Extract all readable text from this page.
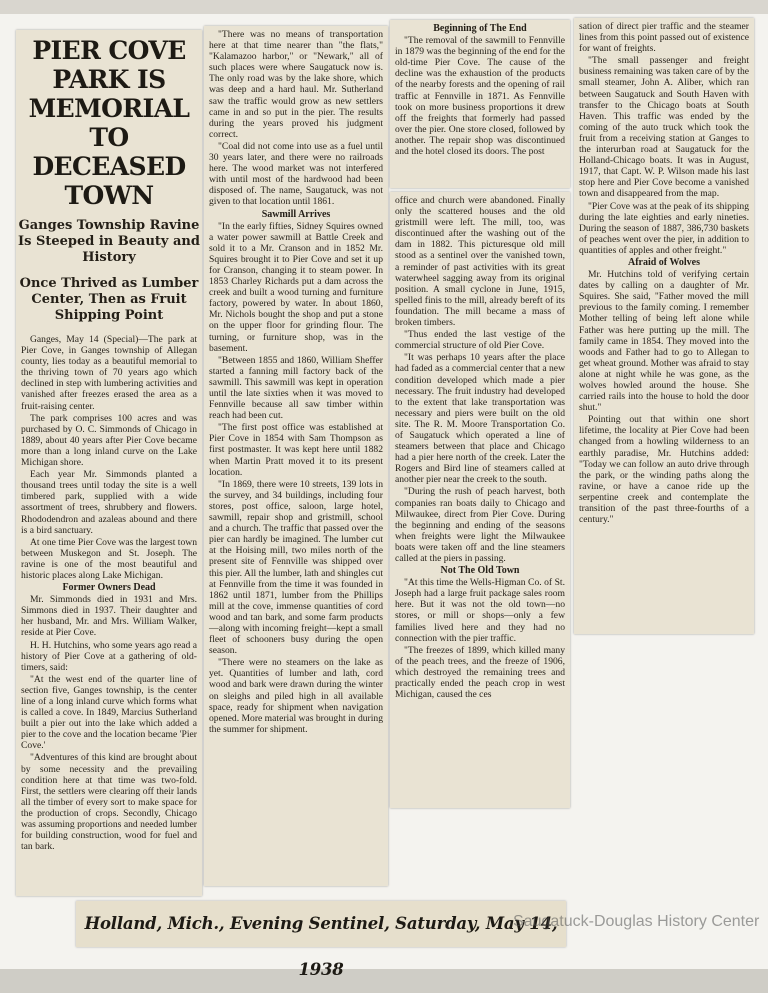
PIER COVE PARK IS MEMORIAL TO DECEASED TOWN
Ganges Township Ravine Is Steeped in Beauty and History
Once Thrived as Lumber Center, Then as Fruit Shipping Point

Ganges, May 14 (Special)—The park at Pier Cove, in Ganges township of Allegan county, lies today as a beautiful memorial to the thriving town of 70 years ago which declined in step with lumbering activities and vanished after freezes erased the area as a fruit-raising center.

The park comprises 100 acres and was purchased by O. C. Simmonds of Chicago in 1889, about 40 years after Pier Cove became more than a long inland curve on the Lake Michigan shore.

Each year Mr. Simmonds planted a thousand trees until today the site is a well timbered park, supplied with a wide assortment of trees, shrubbery and flowers. Rhododendron and azaleas abound and there is a bird sanctuary.

At one time Pier Cove was the largest town between Muskegon and St. Joseph. The ravine is one of the most beautiful and historic places along Lake Michigan.

Former Owners Dead

Mr. Simmonds died in 1931 and Mrs. Simmons died in 1937. Their daughter and her husband, Mr. and Mrs. William Walker, reside at Pier Cove.

H. H. Hutchins, who some years ago read a history of Pier Cove at a gathering of old-timers, said:

"At the west end of the quarter line of section five, Ganges township, is the center line of a long inland curve which forms what is called a cove. In 1849, Marcius Sutherland built a pier out into the lake which added a pier to the cove and the location became 'Pier Cove.'

"Adventures of this kind are brought about by some necessity and the prevailing condition here at that time was two-fold. First, the settlers were clearing off their lands all the timber of every sort to make space for the production of crops. Secondly, Chicago was assuming proportions and needed lumber for building construction, wood for fuel and tan bark.

"There was no means of transportation here at that time nearer than "the flats," "Kalamazoo harbor," or "Newark," all of such places were where Saugatuck now is. The only road was by the lake shore, which was deep and a hard haul. Mr. Sutherland saw the traffic would grow as new settlers came in and so put in the pier. The results during the years proved his judgment correct.

"Coal did not come into use as a fuel until 30 years later, and there were no railroads here. The wood market was not interfered with until most of the hardwood had been disposed of. The name, Saugatuck, was not given to that location until 1861.

Sawmill Arrives

"In the early fifties, Sidney Squires owned a water power sawmill at Battle Creek and sold it to a Mr. Cranson and in 1852 Mr. Squires brought it to Pier Cove and set it up for Cranson, changing it to steam power. In 1853 Charley Richards put a dam across the creek and built a wood turning and furniture factory, powered by water. In about 1860, Mr. Nichols bought the shop and put a stone on the upper floor for grinding flour. The turning, or furniture shop, was in the basement.

"Between 1855 and 1860, William Sheffer started a fanning mill factory back of the sawmill. This sawmill was kept in operation until the late sixties when it was moved to Fennville because all saw timber within reach had been cut.

"The first post office was established at Pier Cove in 1854 with Sam Thompson as first postmaster. It was kept here until 1882 when Martin Pratt moved it to its present location.

"In 1869, there were 10 streets, 139 lots in the survey, and 34 buildings, including four stores, post office, saloon, large hotel, sawmill, repair shop and gristmill, school and a church. The traffic that passed over the pier can hardly be imagined. The lumber cut at the Hoising mill, two miles north of the present site of Fennville was shipped over this pier. All the lumber, lath and shingles cut at Fennville from the time it was founded in 1862 until 1871, lumber from the Phillips mill at the cove, immense quantities of cord wood and tan bark, and some farm products—along with incoming freight—kept a small fleet of schooners busy during the open season.

"There were no steamers on the lake as yet. Quantities of lumber and lath, cord wood and bark were drawn during the winter on sleighs and piled high in all available space, ready for shipment when navigation opened. More material was brought in during the summer for shipment.

Beginning of The End

"The removal of the sawmill to Fennville in 1879 was the beginning of the end for the old-time Pier Cove. The cause of the decline was the exhaustion of the products of the nearby forests and the opening of rail traffic at Fennville in 1871. As Fennville took on more business proportions it drew off the freights that formerly had passed over the pier. One store closed, followed by another. The repair shop was discontinued and the hotel closed its doors. The post

office and church were abandoned. Finally only the scattered houses and the old gristmill were left. The mill, too, was discontinued after the washing out of the dam in 1882. This picturesque old mill stood as a sentinel over the vanished town, a reminder of past activities with its great waterwheel sagging away from its original position. A small cyclone in June, 1915, spelled finis to the mill, already bereft of its foundation. The mill became a mass of broken timbers.

"Thus ended the last vestige of the commercial structure of old Pier Cove.

"It was perhaps 10 years after the place had faded as a commercial center that a new condition developed which made a pier necessary. The fruit industry had developed to the extent that lake transportation was necessary and piers were built on the old site. The R. M. Moore Transportation Co. of Saugatuck which operated a line of steamers between that place and Chicago had a pier here north of the creek. Later the Rogers and Bird line of steamers called at another pier near the creek to the south.

"During the rush of peach harvest, both companies ran boats daily to Chicago and Milwaukee, direct from Pier Cove. During the beginning and ending of the seasons when freights were light the Milwaukee boats were taken off and the line steamers called at the piers in passing.

Not The Old Town

"At this time the Wells-Higman Co. of St. Joseph had a large fruit package sales room here. But it was not the old town—no stores, or mill or shops—only a few families lived here and they had no connection with the pier traffic.

"The freezes of 1899, which killed many of the peach trees, and the freeze of 1906, which destroyed the remaining trees and practically ended the peach crop in west Michigan, caused the ces

sation of direct pier traffic and the steamer lines from this point passed out of existence for want of freights.

"The small passenger and freight business remaining was taken care of by the small steamer, John A. Aliber, which ran between Saugatuck and South Haven with transfer to the Chicago boats at South Haven. This traffic was ended by the coming of the auto truck which took the fruit from a receiving station at Ganges to the interurban road at Saugatuck for the Holland-Chicago boats. It was in August, 1917, that Capt. W. P. Wilson made his last stop here and Pier Cove become a vanished town and disappeared from the map.

"Pier Cove was at the peak of its shipping during the late eighties and early nineties. During the season of 1887, 386,730 baskets of peaches went over the pier, in addition to quantities of apples and other freight."

Afraid of Wolves

Mr. Hutchins told of verifying certain dates by calling on a daughter of Mr. Squires. She said, "Father moved the mill previous to the family coming. I remember Mother telling of being left alone while Father was here putting up the mill. The family came in 1854. They moved into the woods and Father had to go to Allegan to get wheat ground. Mother was afraid to stay alone at night while he was gone, as the wolves howled around the house. She carried rails into the house to hold the door shut."

Pointing out that within one short lifetime, the locality at Pier Cove had been changed from a howling wilderness to an earthly paradise, Mr. Hutchins added: "Today we can follow an auto drive through the park, or the winding paths along the ravine, or have a canoe ride up the serpentine creek and contemplate the transition of the past three-fourths of a century."

Holland, Mich., Evening Sentinel, Saturday, May 14, 1938
Saugatuck-Douglas History Center
